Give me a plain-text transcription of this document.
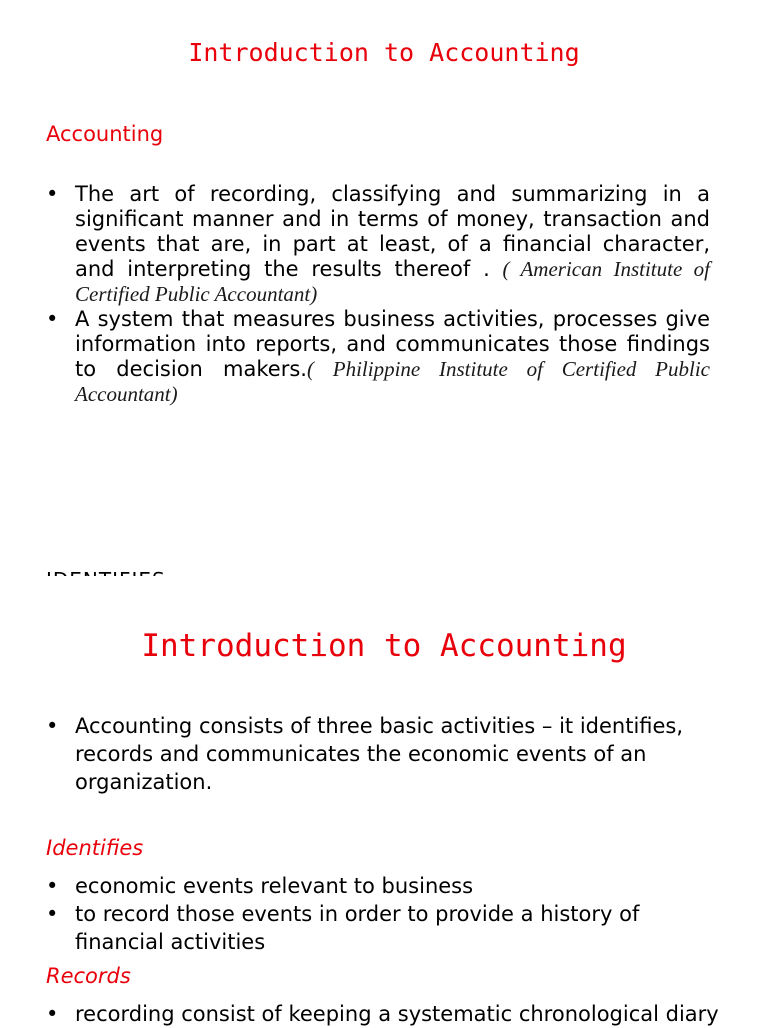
Introduction to Accounting
Accounting
• The art of recording, classifying and summarizing in a significant manner and in terms of money, transaction and events that are, in part at least, of a financial character, and interpreting the results thereof . ( American Institute of Certified Public Accountant)
• A system that measures business activities, processes give information into reports, and communicates those findings to decision makers.( Philippine Institute of Certified Public Accountant)
Introduction to Accounting
• Accounting consists of three basic activities – it identifies, records and communicates the economic events of an organization.
Identifies
• economic events relevant to business
• to record those events in order to provide a history of financial activities
Records
• recording consist of keeping a systematic chronological diary
